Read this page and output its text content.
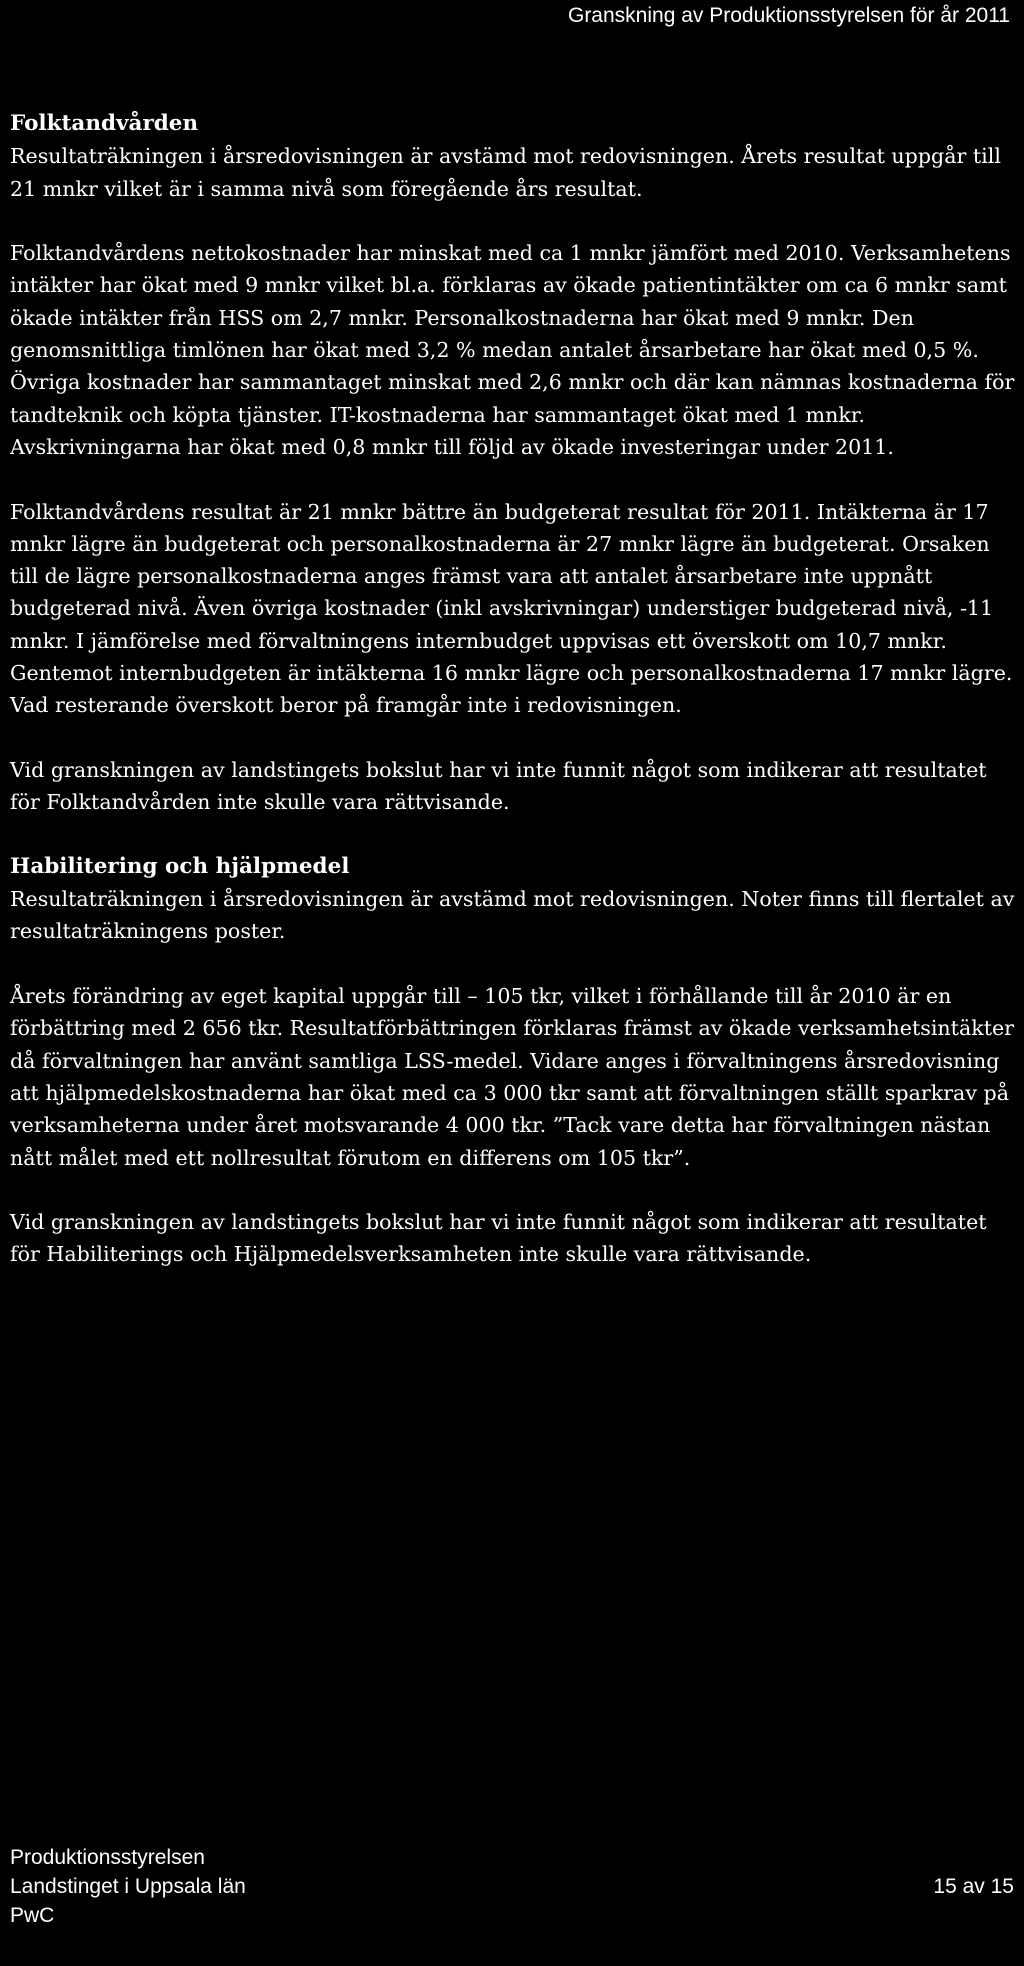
Granskning av Produktionsstyrelsen för år 2011
Folktandvården

Resultaträkningen i årsredovisningen är avstämd mot redovisningen. Årets resultat uppgår till 21 mnkr vilket är i samma nivå som föregående års resultat.

Folktandvårdens nettokostnader har minskat med ca 1 mnkr jämfört med 2010. Verksamhetens intäkter har ökat med 9 mnkr vilket bl.a. förklaras av ökade patientintäkter om ca 6 mnkr samt ökade intäkter från HSS om 2,7 mnkr. Personalkostnaderna har ökat med 9 mnkr. Den genomsnittliga timlönen har ökat med 3,2 % medan antalet årsarbetare har ökat med 0,5 %. Övriga kostnader har sammantaget minskat med 2,6 mnkr och där kan nämnas kostnaderna för tandteknik och köpta tjänster. IT-kostnaderna har sammantaget ökat med 1 mnkr. Avskrivningarna har ökat med 0,8 mnkr till följd av ökade investeringar under 2011.

Folktandvårdens resultat är 21 mnkr bättre än budgeterat resultat för 2011. Intäkterna är 17 mnkr lägre än budgeterat och personalkostnaderna är 27 mnkr lägre än budgeterat. Orsaken till de lägre personalkostnaderna anges främst vara att antalet årsarbetare inte uppnått budgeterad nivå. Även övriga kostnader (inkl avskrivningar) understiger budgeterad nivå, -11 mnkr. I jämförelse med förvaltningens internbudget uppvisas ett överskott om 10,7 mnkr. Gentemot internbudgeten är intäkterna 16 mnkr lägre och personalkostnaderna 17 mnkr lägre. Vad resterande överskott beror på framgår inte i redovisningen.

Vid granskningen av landstingets bokslut har vi inte funnit något som indikerar att resultatet för Folktandvården inte skulle vara rättvisande.

Habilitering och hjälpmedel

Resultaträkningen i årsredovisningen är avstämd mot redovisningen. Noter finns till flertalet av resultaträkningens poster.

Årets förändring av eget kapital uppgår till – 105 tkr, vilket i förhållande till år 2010 är en förbättring med 2 656 tkr. Resultatförbättringen förklaras främst av ökade verksamhetsintäkter då förvaltningen har använt samtliga LSS-medel. Vidare anges i förvaltningens årsredovisning att hjälpmedelskostnaderna har ökat med ca 3 000 tkr samt att förvaltningen ställt sparkrav på verksamheterna under året motsvarande 4 000 tkr. ”Tack vare detta har förvaltningen nästan nått målet med ett nollresultat förutom en differens om 105 tkr”.

Vid granskningen av landstingets bokslut har vi inte funnit något som indikerar att resultatet för Habiliterings och Hjälpmedelsverksamheten inte skulle vara rättvisande.

Produktionsstyrelsen
Landstinget i Uppsala län
PwC
15 av 15
